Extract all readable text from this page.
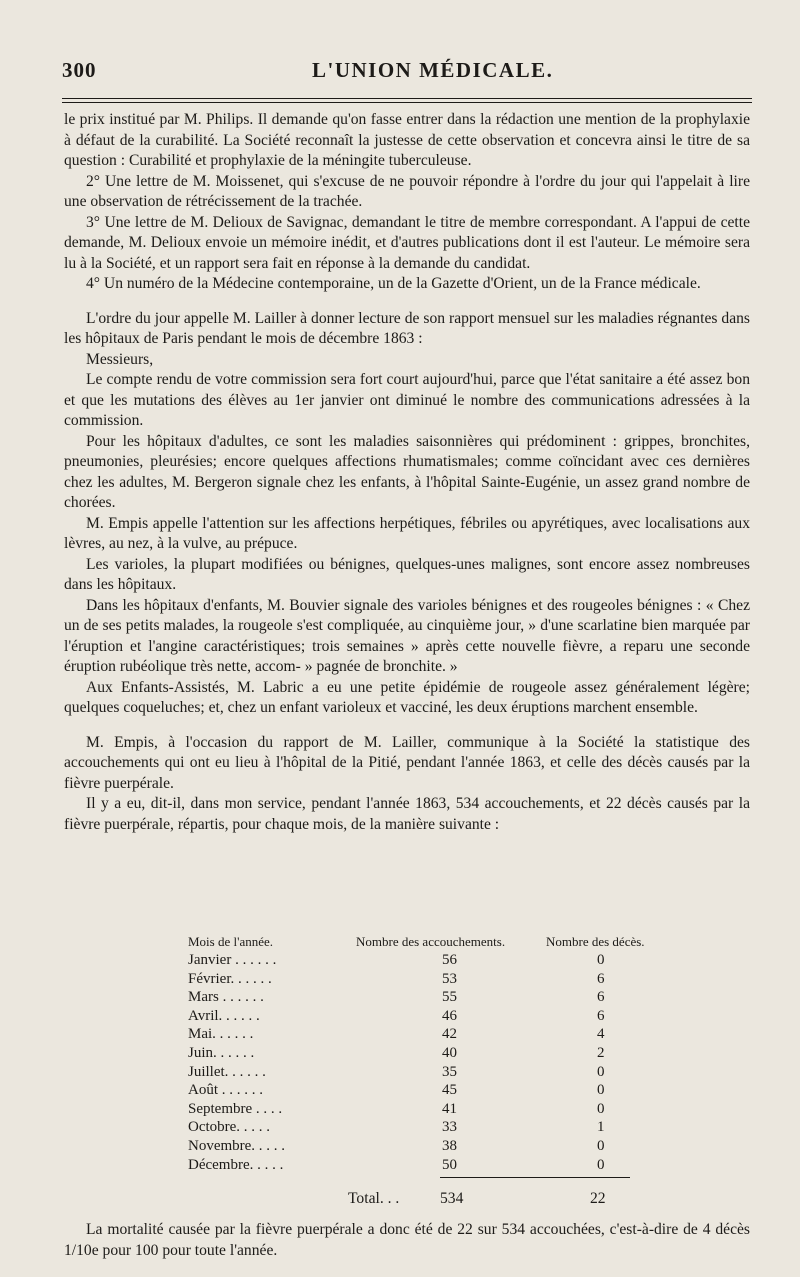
300	L'UNION MÉDICALE.

le prix institué par M. Philips. Il demande qu'on fasse entrer dans la rédaction une mention de la prophylaxie à défaut de la curabilité. La Société reconnaît la justesse de cette observation et concevra ainsi le titre de sa question : Curabilité et prophylaxie de la méningite tuberculeuse.

2° Une lettre de M. Moissenet, qui s'excuse de ne pouvoir répondre à l'ordre du jour qui l'appelait à lire une observation de rétrécissement de la trachée.

3° Une lettre de M. Delioux de Savignac, demandant le titre de membre correspondant. A l'appui de cette demande, M. Delioux envoie un mémoire inédit, et d'autres publications dont il est l'auteur. Le mémoire sera lu à la Société, et un rapport sera fait en réponse à la demande du candidat.

4° Un numéro de la Médecine contemporaine, un de la Gazette d'Orient, un de la France médicale.

L'ordre du jour appelle M. Lailler à donner lecture de son rapport mensuel sur les maladies régnantes dans les hôpitaux de Paris pendant le mois de décembre 1863 :

Messieurs,

Le compte rendu de votre commission sera fort court aujourd'hui, parce que l'état sanitaire a été assez bon et que les mutations des élèves au 1er janvier ont diminué le nombre des communications adressées à la commission.

Pour les hôpitaux d'adultes, ce sont les maladies saisonnières qui prédominent : grippes, bronchites, pneumonies, pleurésies; encore quelques affections rhumatismales; comme coïncidant avec ces dernières chez les adultes, M. Bergeron signale chez les enfants, à l'hôpital Sainte-Eugénie, un assez grand nombre de chorées.

M. Empis appelle l'attention sur les affections herpétiques, fébriles ou apyrétiques, avec localisations aux lèvres, au nez, à la vulve, au prépuce.

Les varioles, la plupart modifiées ou bénignes, quelques-unes malignes, sont encore assez nombreuses dans les hôpitaux.

Dans les hôpitaux d'enfants, M. Bouvier signale des varioles bénignes et des rougeoles bénignes : « Chez un de ses petits malades, la rougeole s'est compliquée, au cinquième jour, » d'une scarlatine bien marquée par l'éruption et l'angine caractéristiques; trois semaines » après cette nouvelle fièvre, a reparu une seconde éruption rubéolique très nette, accom- » pagnée de bronchite. »

Aux Enfants-Assistés, M. Labric a eu une petite épidémie de rougeole assez généralement légère; quelques coqueluches; et, chez un enfant varioleux et vacciné, les deux éruptions marchent ensemble.

M. Empis, à l'occasion du rapport de M. Lailler, communique à la Société la statistique des accouchements qui ont eu lieu à l'hôpital de la Pitié, pendant l'année 1863, et celle des décès causés par la fièvre puerpérale.

Il y a eu, dit-il, dans mon service, pendant l'année 1863, 534 accouchements, et 22 décès causés par la fièvre puerpérale, répartis, pour chaque mois, de la manière suivante :

Mois de l'année.	Nombre des accouchements.	Nombre des décès.
Janvier . . . . . .	56	0
Février. . . . . .	53	6
Mars . . . . . .	55	6
Avril. . . . . .	46	6
Mai. . . . . .	42	4
Juin. . . . . .	40	2
Juillet. . . . . .	35	0
Août . . . . . .	45	0
Septembre . . . .	41	0
Octobre. . . . .	33	1
Novembre. . . . .	38	0
Décembre. . . . .	50	0
Total. . .	534	22

La mortalité causée par la fièvre puerpérale a donc été de 22 sur 534 accouchées, c'est-à-dire de 4 décès 1/10e pour 100 pour toute l'année.
